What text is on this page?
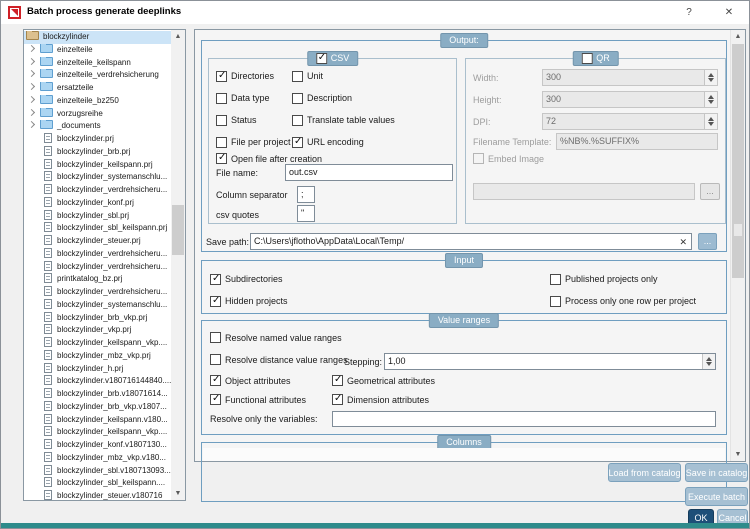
Batch process generate deeplinks	?	✕
blockzylinder
einzelteile
einzelteile_keilspann
einzelteile_verdrehsicherung
ersatzteile
einzelteile_bz250
vorzugsreihe
_documents
blockzylinder.prj
blockzylinder_brb.prj
blockzylinder_keilspann.prj
blockzylinder_systemanschlu...
blockzylinder_verdrehsicheru...
blockzylinder_konf.prj
blockzylinder_sbl.prj
blockzylinder_sbl_keilspann.prj
blockzylinder_steuer.prj
blockzylinder_verdrehsicheru...
blockzylinder_verdrehsicheru...
printkatalog_bz.prj
blockzylinder_verdrehsicheru...
blockzylinder_systemanschlu...
blockzylinder_brb_vkp.prj
blockzylinder_vkp.prj
blockzylinder_keilspann_vkp....
blockzylinder_mbz_vkp.prj
blockzylinder_h.prj
blockzylinder.v180716144840....
blockzylinder_brb.v18071614...
blockzylinder_brb_vkp.v1807...
blockzylinder_keilspann.v180...
blockzylinder_keilspann_vkp....
blockzylinder_konf.v1807130...
blockzylinder_mbz_vkp.v180...
blockzylinder_sbl.v180713093...
blockzylinder_sbl_keilspann....
blockzylinder_steuer.v180716
▲
▼
Output:
✓
CSV
✓
Directories
Data type
Status
File per project
Unit
Description
Translate table values
✓
URL encoding
✓
Open file after creation
File name:	out.csv
Column separator	;
csv quotes	"
QR
Width:	300
Height:	300
DPI:	72
Filename Template: %NB%.%SUFFIX%
Embed Image
...
Save path: C:\Users\jflotho\AppData\Local\Temp/	✕	...
Input
✓
Subdirectories
✓
Hidden projects
Published projects only
Process only one row per project
Value ranges
Resolve named value ranges
Resolve distance value ranges
Stepping: 1,00
✓
Object attributes ✓	Geometrical attributes
✓
Functional attributes ✓	Dimension attributes
Resolve only the variables:
Columns
▲
▼
Load from catalog Save in catalog
Execute batch
OK	Cancel
